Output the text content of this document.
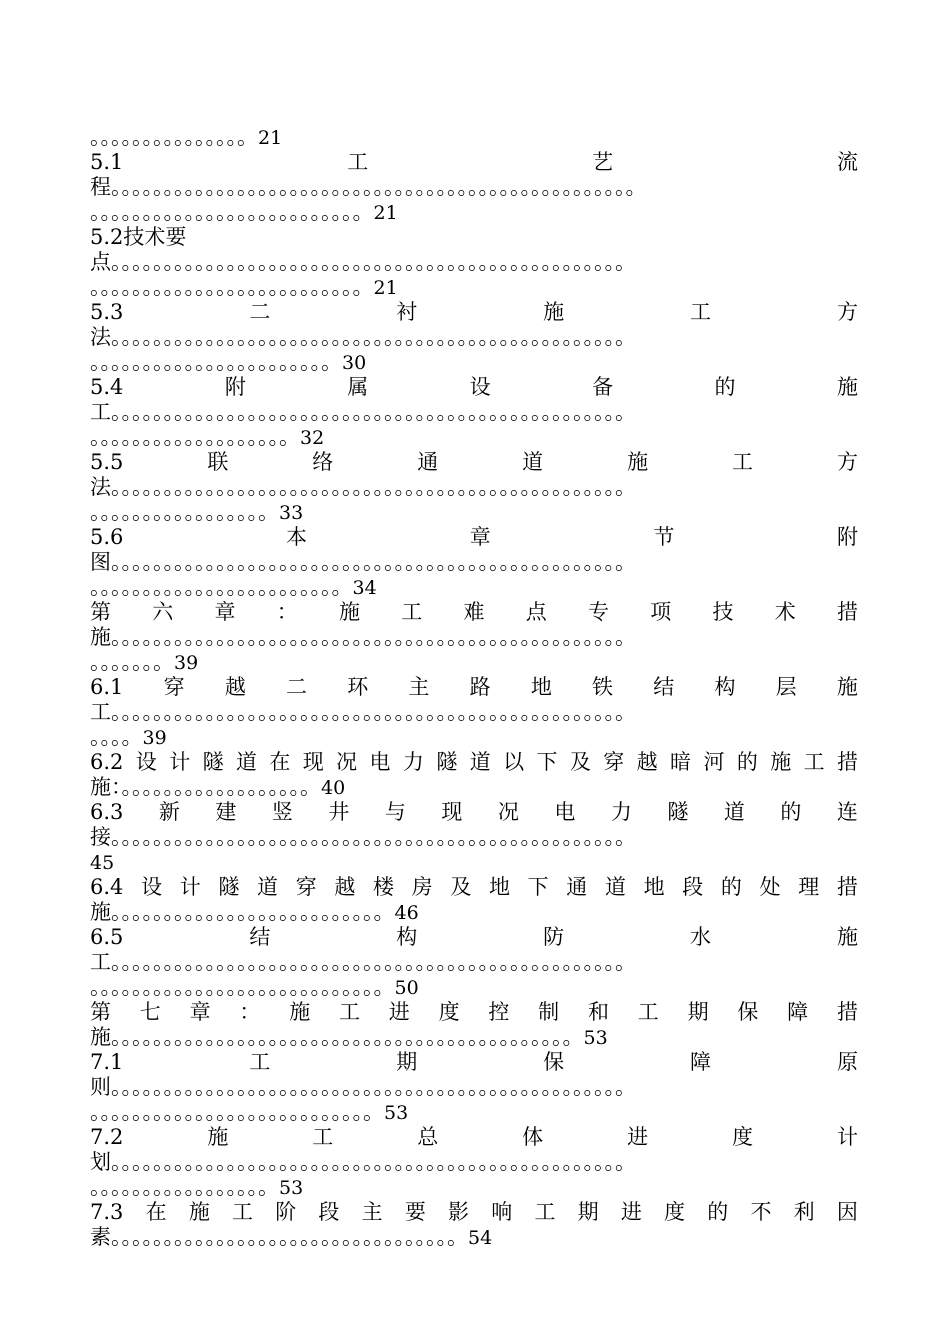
。。。。。。。。。。。。。。。21
5.1	工	艺	流
程。。。。。。。。。。。。。。。。。。。。。。。。。。。。。。。。。。。。。。。。。。。。。。。。。。
。。。。。。。。。。。。。。。。。。。。。。。。。。21
5.2技术要
点。。。。。。。。。。。。。。。。。。。。。。。。。。。。。。。。。。。。。。。。。。。。。。。。。
。。。。。。。。。。。。。。。。。。。。。。。。。。21
5.3	二	衬	施	工	方
法。。。。。。。。。。。。。。。。。。。。。。。。。。。。。。。。。。。。。。。。。。。。。。。。。
。。。。。。。。。。。。。。。。。。。。。。。30
5.4	附	属	设	备	的	施
工。。。。。。。。。。。。。。。。。。。。。。。。。。。。。。。。。。。。。。。。。。。。。。。。。
。。。。。。。。。。。。。。。。。。。32
5.5	联	络	通	道	施	工	方
法。。。。。。。。。。。。。。。。。。。。。。。。。。。。。。。。。。。。。。。。。。。。。。。。。
。。。。。。。。。。。。。。。。。33
5.6	本	章	节	附
图。。。。。。。。。。。。。。。。。。。。。。。。。。。。。。。。。。。。。。。。。。。。。。。。。
。。。。。。。。。。。。。。。。。。。。。。。。34
第 六 章 ： 施 工 难 点 专 项 技 术 措
施。。。。。。。。。。。。。。。。。。。。。。。。。。。。。。。。。。。。。。。。。。。。。。。。。
。。。。。。。39
6.1 穿 越 二 环 主 路 地 铁 结 构 层 施
工。。。。。。。。。。。。。。。。。。。。。。。。。。。。。。。。。。。。。。。。。。。。。。。。。
。。。。39
6.2 设 计 隧 道 在 现 况 电 力 隧 道 以 下 及 穿 越 暗 河 的 施 工 措
施：。。。。。。。。。。。。。。。。。。40
6.3 新 建 竖 井 与 现 况 电 力 隧 道 的 连
接。。。。。。。。。。。。。。。。。。。。。。。。。。。。。。。。。。。。。。。。。。。。。。。。。
45
6.4 设 计 隧 道 穿 越 楼 房 及 地 下 通 道 地 段 的 处 理 措
施。。。。。。。。。。。。。。。。。。。。。。。。。。46
6.5	结	构	防	水	施
工。。。。。。。。。。。。。。。。。。。。。。。。。。。。。。。。。。。。。。。。。。。。。。。。。
。。。。。。。。。。。。。。。。。。。。。。。。。。。。50
第 七 章 ： 施 工 进 度 控 制 和 工 期 保 障 措
施。。。。。。。。。。。。。。。。。。。。。。。。。。。。。。。。。。。。。。。。。。。。53
7.1	工	期	保	障	原
则。。。。。。。。。。。。。。。。。。。。。。。。。。。。。。。。。。。。。。。。。。。。。。。。。
。。。。。。。。。。。。。。。。。。。。。。。。。。。53
7.2	施	工	总	体	进	度	计
划。。。。。。。。。。。。。。。。。。。。。。。。。。。。。。。。。。。。。。。。。。。。。。。。。
。。。。。。。。。。。。。。。。。53
7.3 在 施 工 阶 段 主 要 影 响 工 期 进 度 的 不 利 因
素。。。。。。。。。。。。。。。。。。。。。。。。。。。。。。。。。54
